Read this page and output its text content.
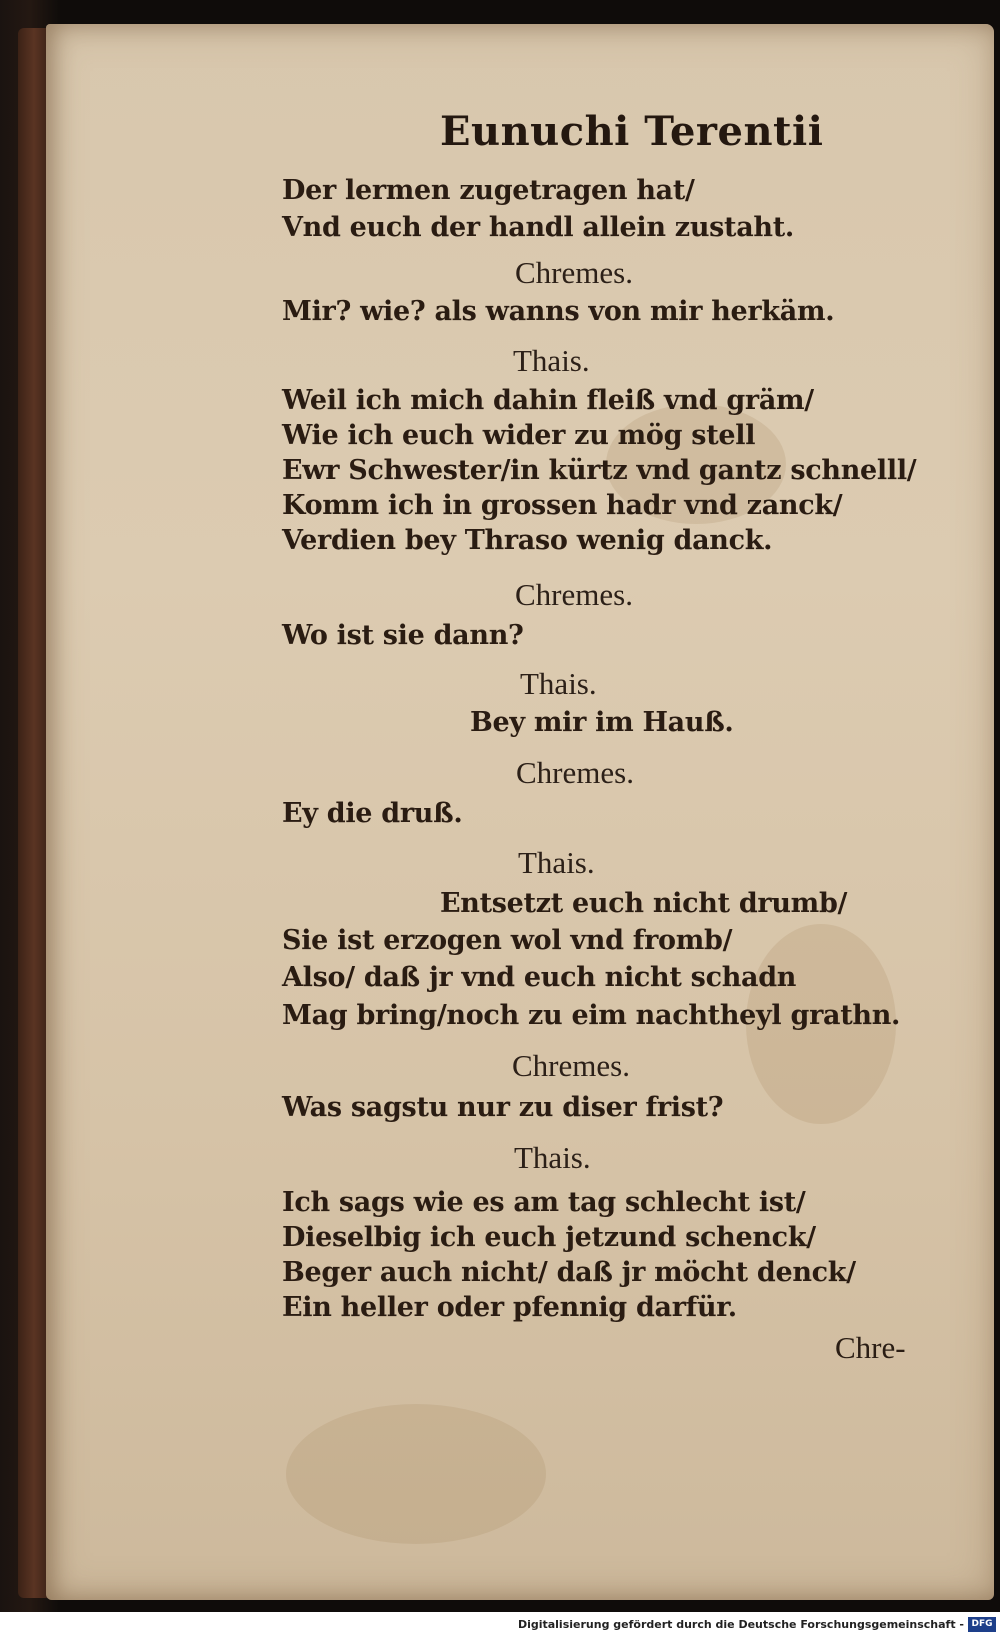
Eunuchi Terentii
Der lermen zugetragen hat/
Vnd euch der handl allein zustaht.
Chremes.
Mir? wie? als wanns von mir herkäm.
Thais.
Weil ich mich dahin fleiß vnd gräm/
Wie ich euch wider zu mög stell
Ewr Schwester/in kürtz vnd gantz schnelll/
Komm ich in grossen hadr vnd zanck/
Verdien bey Thraso wenig danck.
Chremes.
Wo ist sie dann?
Thais.
Bey mir im Hauß.
Chremes.
Ey die druß.
Thais.
Entsetzt euch nicht drumb/
Sie ist erzogen wol vnd fromb/
Also/ daß jr vnd euch nicht schadn
Mag bring/noch zu eim nachtheyl grathn.
Chremes.
Was sagstu nur zu diser frist?
Thais.
Ich sags wie es am tag schlecht ist/
Dieselbig ich euch jetzund schenck/
Beger auch nicht/ daß jr möcht denck/
Ein heller oder pfennig darfür.
Chre-
Digitalisierung gefördert durch die Deutsche Forschungsgemeinschaft - DFG
